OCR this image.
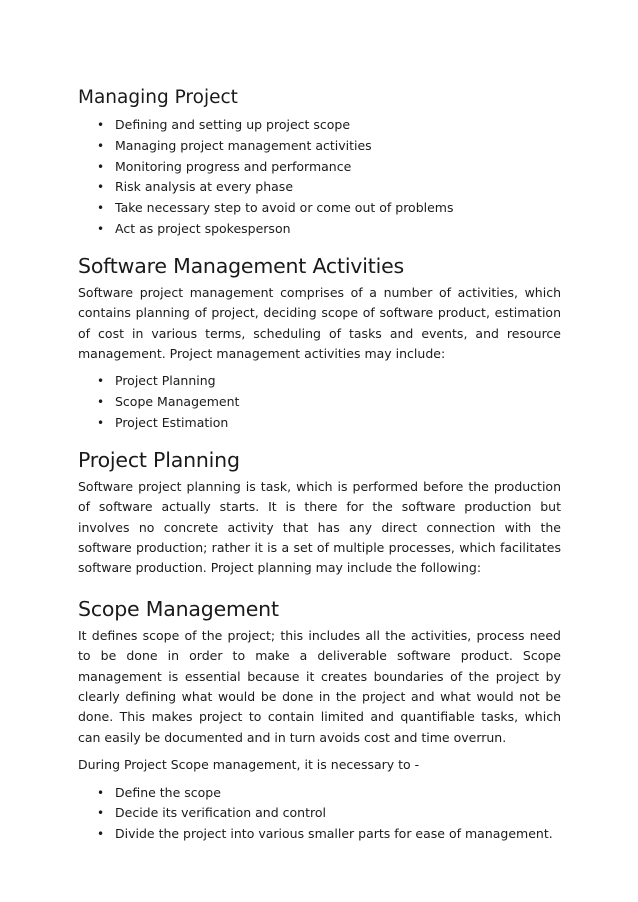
Managing Project
• Defining and setting up project scope
• Managing project management activities
• Monitoring progress and performance
• Risk analysis at every phase
• Take necessary step to avoid or come out of problems
• Act as project spokesperson
Software Management Activities

Software project management comprises of a number of activities, which contains planning of project, deciding scope of software product, estimation of cost in various terms, scheduling of tasks and events, and resource management. Project management activities may include:

• Project Planning
• Scope Management
• Project Estimation
Project Planning

Software project planning is task, which is performed before the production of software actually starts. It is there for the software production but involves no concrete activity that has any direct connection with the software production; rather it is a set of multiple processes, which facilitates software production. Project planning may include the following:

Scope Management

It defines scope of the project; this includes all the activities, process need to be done in order to make a deliverable software product. Scope management is essential because it creates boundaries of the project by clearly defining what would be done in the project and what would not be done. This makes project to contain limited and quantifiable tasks, which can easily be documented and in turn avoids cost and time overrun.

During Project Scope management, it is necessary to -

• Define the scope
• Decide its verification and control
• Divide the project into various smaller parts for ease of management.
